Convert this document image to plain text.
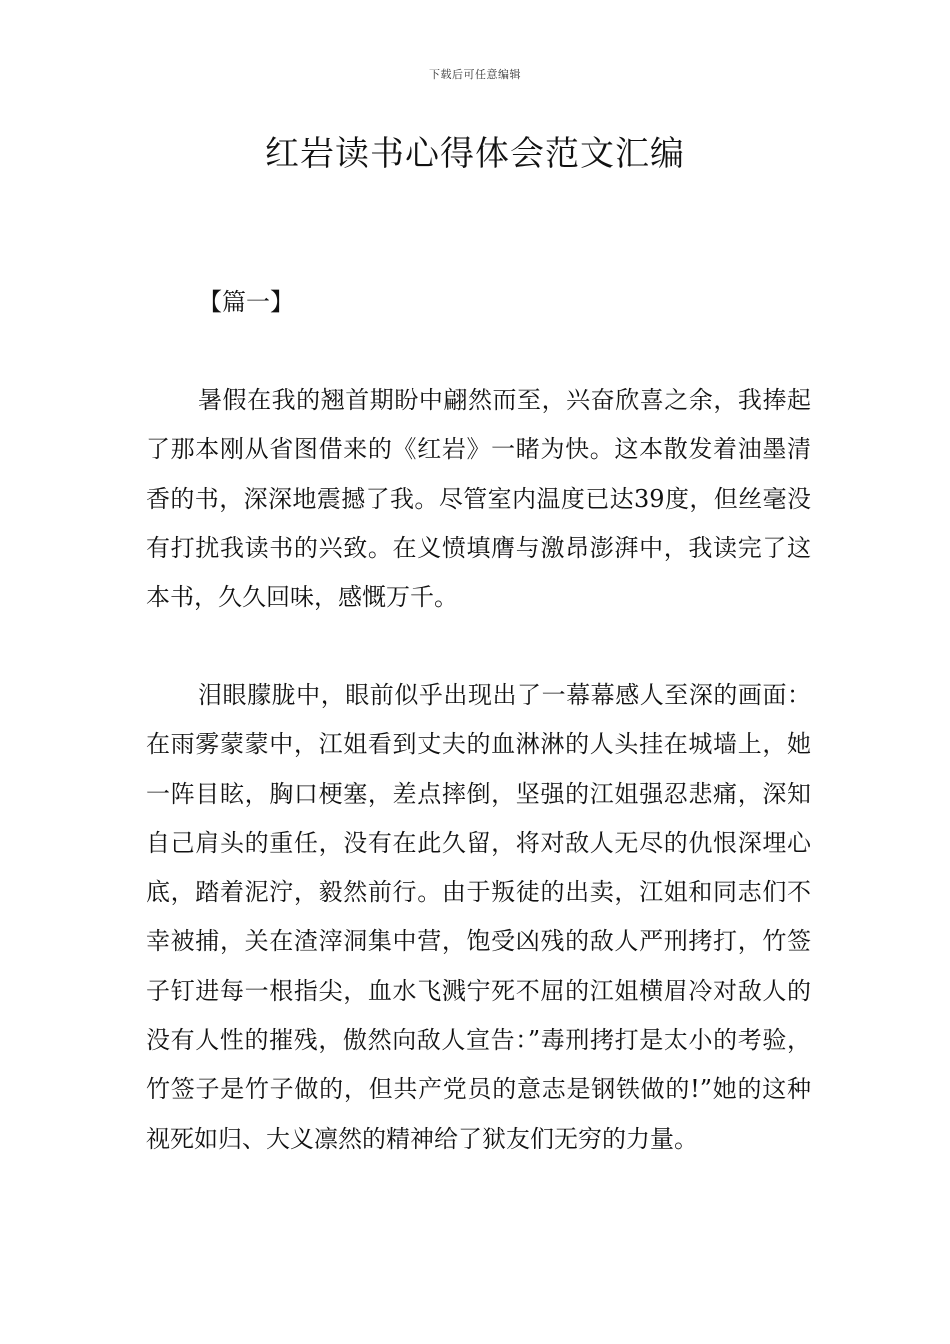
下载后可任意编辑
红岩读书心得体会范文汇编
【篇一】

暑假在我的翘首期盼中翩然而至，兴奋欣喜之余，我捧起了那本刚从省图借来的《红岩》一睹为快。这本散发着油墨清香的书，深深地震撼了我。尽管室内温度已达39度，但丝毫没有打扰我读书的兴致。在义愤填膺与激昂澎湃中，我读完了这本书，久久回味，感慨万千。

泪眼朦胧中，眼前似乎出现出了一幕幕感人至深的画面：在雨雾蒙蒙中，江姐看到丈夫的血淋淋的人头挂在城墙上，她一阵目眩，胸口梗塞，差点摔倒，坚强的江姐强忍悲痛，深知自己肩头的重任，没有在此久留，将对敌人无尽的仇恨深埋心底，踏着泥泞，毅然前行。由于叛徒的出卖，江姐和同志们不幸被捕，关在渣滓洞集中营，饱受凶残的敌人严刑拷打，竹签子钉进每一根指尖，血水飞溅宁死不屈的江姐横眉冷对敌人的没有人性的摧残，傲然向敌人宣告：”毒刑拷打是太小的考验，竹签子是竹子做的，但共产党员的意志是钢铁做的!”她的这种视死如归、大义凛然的精神给了狱友们无穷的力量。
